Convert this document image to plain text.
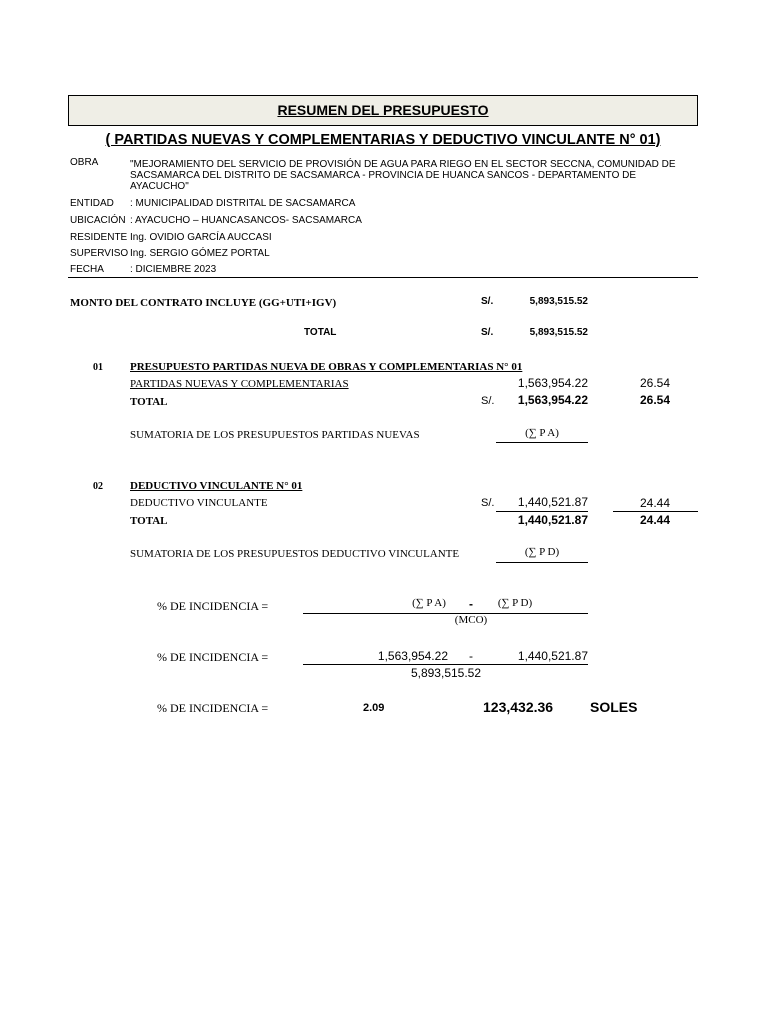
RESUMEN DEL PRESUPUESTO
( PARTIDAS NUEVAS Y COMPLEMENTARIAS Y DEDUCTIVO VINCULANTE N° 01)
OBRA	"MEJORAMIENTO DEL SERVICIO DE PROVISIÓN DE AGUA PARA RIEGO EN EL SECTOR SECCNA, COMUNIDAD DE
SACSAMARCA DEL DISTRITO DE SACSAMARCA - PROVINCIA DE HUANCA SANCOS - DEPARTAMENTO DE
AYACUCHO"
ENTIDAD : MUNICIPALIDAD DISTRITAL DE SACSAMARCA
UBICACIÓN : AYACUCHO – HUANCASANCOS- SACSAMARCA
RESIDENTE Ing. OVIDIO GARCÍA AUCCASI
SUPERVISO Ing. SERGIO GÓMEZ PORTAL
FECHA	: DICIEMBRE 2023
MONTO DEL CONTRATO INCLUYE (GG+UTI+IGV)	S/.	5,893,515.52
TOTAL	S/.	5,893,515.52
01 PRESUPUESTO PARTIDAS NUEVA DE OBRAS Y COMPLEMENTARIAS N° 01
PARTIDAS NUEVAS Y COMPLEMENTARIAS	1,563,954.22	26.54
TOTAL	S/.	1,563,954.22	26.54
SUMATORIA DE LOS PRESUPUESTOS PARTIDAS NUEVAS	(∑ P A)
02 DEDUCTIVO VINCULANTE N° 01
DEDUCTIVO VINCULANTE	S/.	1,440,521.87	24.44
TOTAL	1,440,521.87	24.44
SUMATORIA DE LOS PRESUPUESTOS DEDUCTIVO VINCULANTE	(∑ P D)
% DE INCIDENCIA =	(∑ P A)	-	(∑ P D)
(MCO)
% DE INCIDENCIA =	1,563,954.22	-	1,440,521.87
5,893,515.52
% DE INCIDENCIA =	2.09	123,432.36	SOLES
